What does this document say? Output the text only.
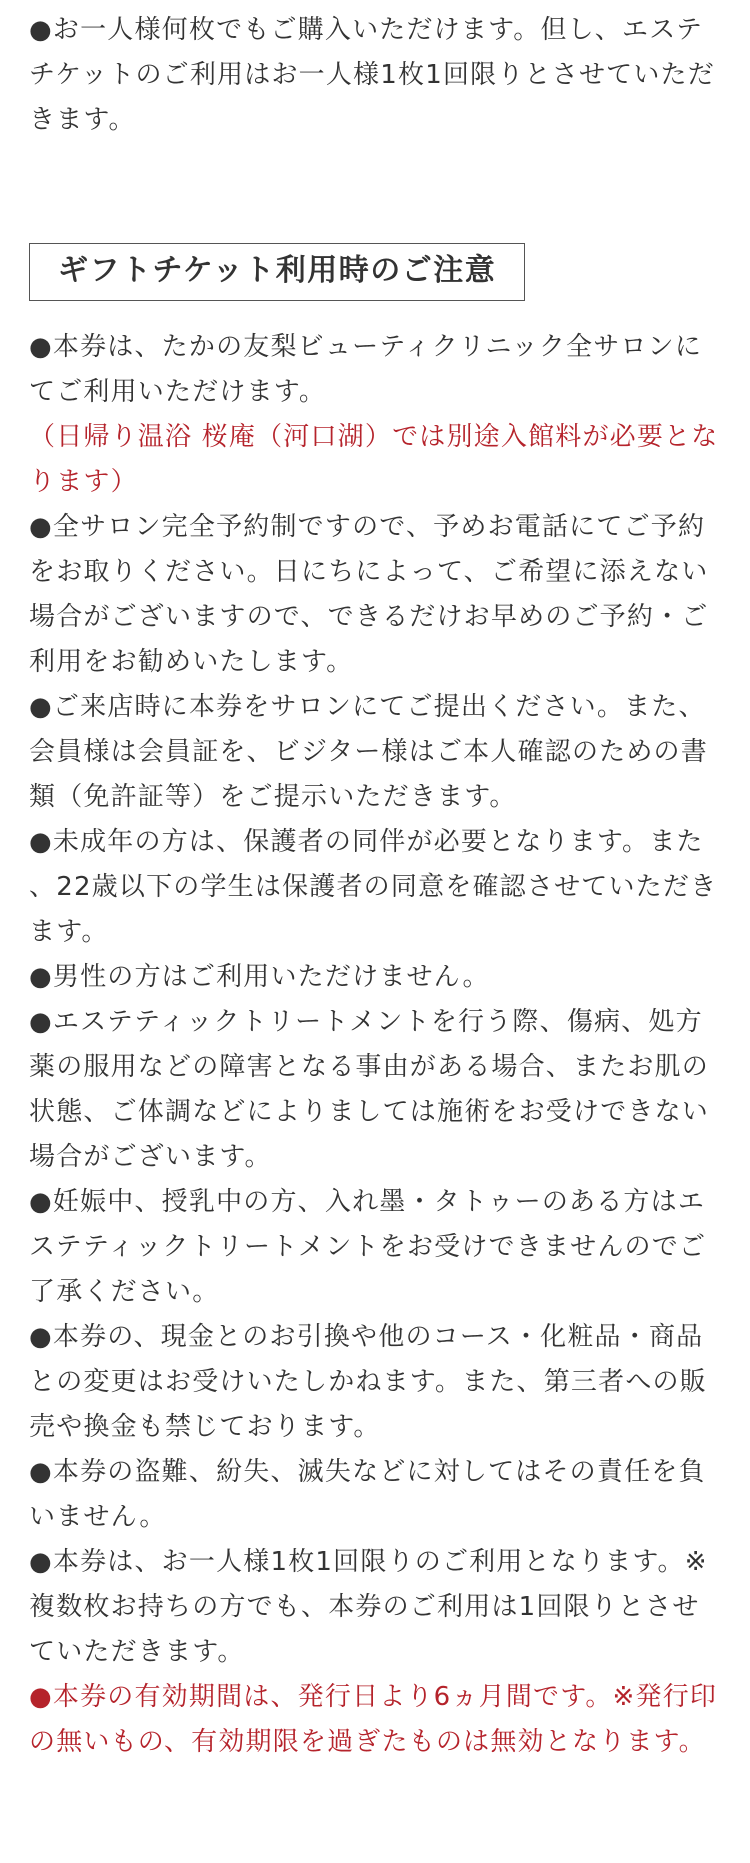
●お一人様何枚でもご購入いただけます。但し、エステチケットのご利用はお一人様1枚1回限りとさせていただきます。

ギフトチケット利用時のご注意

●本券は、たかの友梨ビューティクリニック全サロンにてご利用いただけます。

（日帰り温浴 桜庵（河口湖）では別途入館料が必要となります）

●全サロン完全予約制ですので、予めお電話にてご予約をお取りください。日にちによって、ご希望に添えない場合がございますので、できるだけお早めのご予約・ご利用をお勧めいたします。

●ご来店時に本券をサロンにてご提出ください。また、会員様は会員証を、ビジター様はご本人確認のための書類（免許証等）をご提示いただきます。

●未成年の方は、保護者の同伴が必要となります。また、22歳以下の学生は保護者の同意を確認させていただきます。

●男性の方はご利用いただけません。

●エステティックトリートメントを行う際、傷病、処方薬の服用などの障害となる事由がある場合、またお肌の状態、ご体調などによりましては施術をお受けできない場合がございます。

●妊娠中、授乳中の方、入れ墨・タトゥーのある方はエステティックトリートメントをお受けできませんのでご了承ください。

●本券の、現金とのお引換や他のコース・化粧品・商品との変更はお受けいたしかねます。また、第三者への販売や換金も禁じております。

●本券の盗難、紛失、滅失などに対してはその責任を負いません。

●本券は、お一人様1枚1回限りのご利用となります。※複数枚お持ちの方でも、本券のご利用は1回限りとさせていただきます。

●本券の有効期間は、発行日より6ヵ月間です。※発行印の無いもの、有効期限を過ぎたものは無効となります。
